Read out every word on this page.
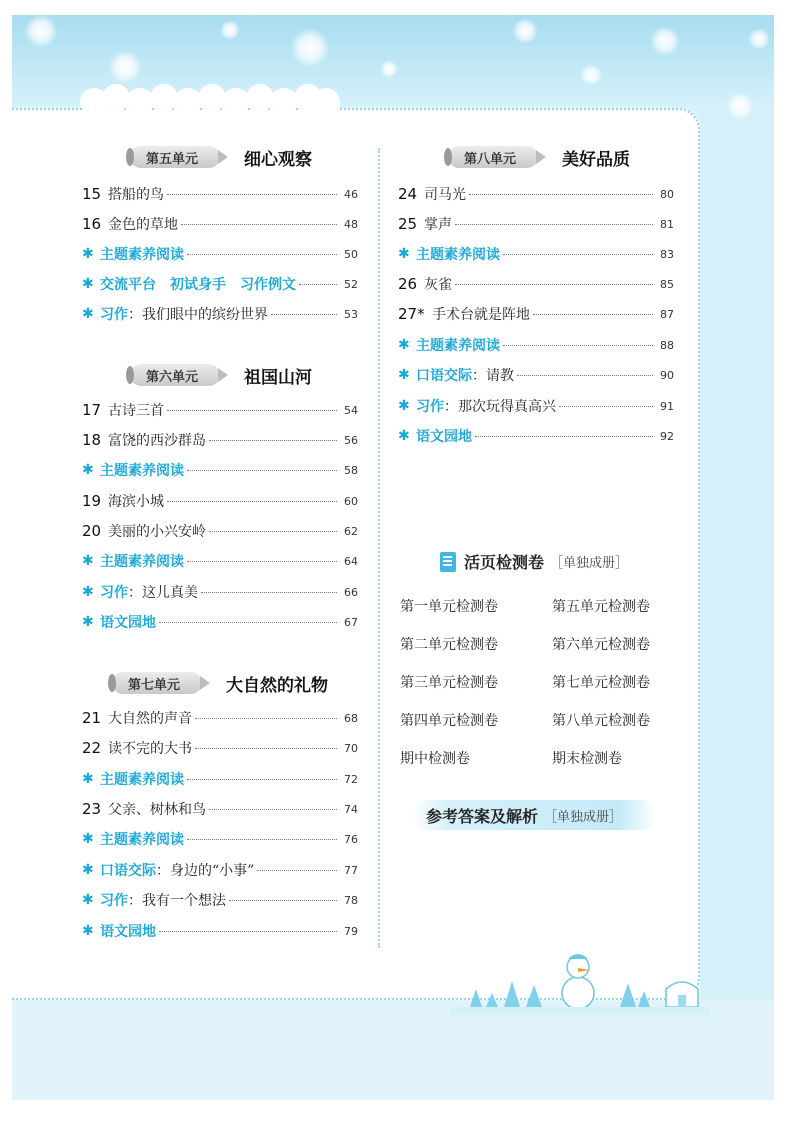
第五单元	细心观察
15 搭船的鸟	46
16 金色的草地	48
✱ 主题素养阅读	50
✱ 交流平台 初试身手 习作例文	52
✱ 习作 ： 我们眼中的缤纷世界	53
第六单元	祖国山河
17 古诗三首	54
18 富饶的西沙群岛	56
✱ 主题素养阅读	58
19 海滨小城	60
20 美丽的小兴安岭	62
✱ 主题素养阅读	64
✱ 习作 ： 这儿真美	66
✱ 语文园地	67
第七单元	大自然的礼物
21 大自然的声音	68
22 读不完的大书	70
✱ 主题素养阅读	72
23 父亲、树林和鸟	74
✱ 主题素养阅读	76
✱ 口语交际 ： 身边的“小事”	77
✱ 习作 ： 我有一个想法	78
✱ 语文园地	79
第八单元	美好品质
24 司马光	80
25 掌声	81
✱ 主题素养阅读	83
26 灰雀	85
27* 手术台就是阵地	87
✱ 主题素养阅读	88
✱ 口语交际 ： 请教	90
✱ 习作 ： 那次玩得真高兴	91
✱ 语文园地	92
活页检测卷 ［单独成册］
第一单元检测卷
第二单元检测卷
第三单元检测卷
第四单元检测卷
期中检测卷
第五单元检测卷
第六单元检测卷
第七单元检测卷
第八单元检测卷
期末检测卷
参考答案及解析 ［单独成册］
